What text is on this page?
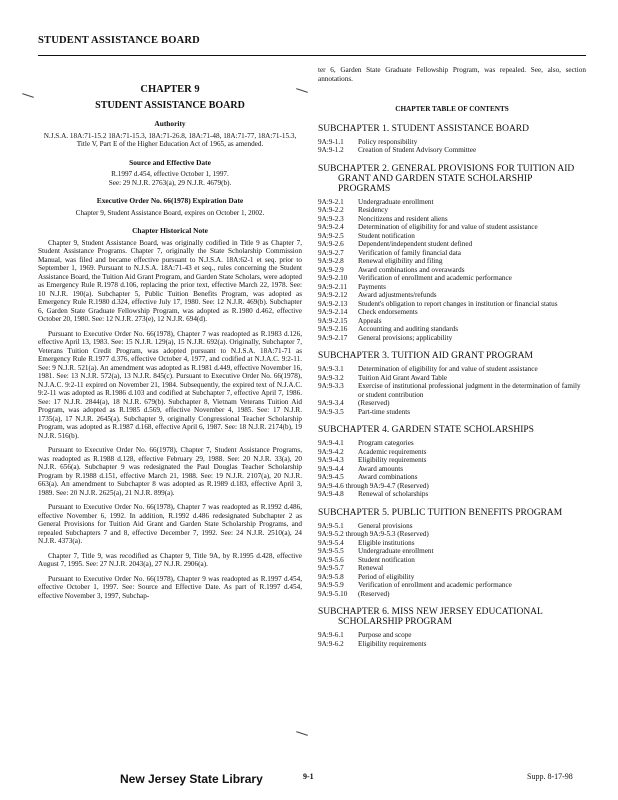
STUDENT ASSISTANCE BOARD
CHAPTER 9
STUDENT ASSISTANCE BOARD
Authority
N.J.S.A. 18A:71-15.2 18A:71-15.3, 18A:71-26.8, 18A:71-48, 18A:71-77, 18A:71-15.3, Title V, Part E of the Higher Education Act of 1965, as amended.
Source and Effective Date
R.1997 d.454, effective October 1, 1997.
See: 29 N.J.R. 2763(a), 29 N.J.R. 4679(b).
Executive Order No. 66(1978) Expiration Date
Chapter 9, Student Assistance Board, expires on October 1, 2002.
Chapter Historical Note

Chapter 9, Student Assistance Board, was originally codified in Title 9 as Chapter 7, Student Assistance Programs. Chapter 7, originally the State Scholarship Commission Manual, was filed and became effective pursuant to N.J.S.A. 18A:62-1 et seq. prior to September 1, 1969. Pursuant to N.J.S.A. 18A:71-43 et seq., rules concerning the Student Assistance Board, the Tuition Aid Grant Program, and Garden State Scholars, were adopted as Emergency Rule R.1978 d.106, replacing the prior text, effective March 22, 1978. See: 10 N.J.R. 190(a). Subchapter 5, Public Tuition Benefits Program, was adopted as Emergency Rule R.1980 d.324, effective July 17, 1980. See: 12 N.J.R. 469(b). Subchapter 6, Garden State Graduate Fellowship Program, was adopted as R.1980 d.462, effective October 20, 1980. See: 12 N.J.R. 273(e), 12 N.J.R. 694(d).

Pursuant to Executive Order No. 66(1978), Chapter 7 was readopted as R.1983 d.126, effective April 13, 1983. See: 15 N.J.R. 129(a), 15 N.J.R. 692(a). Originally, Subchapter 7, Veterans Tuition Credit Program, was adopted pursuant to N.J.S.A. 18A:71-71 as Emergency Rule R.1977 d.376, effective October 4, 1977, and codified at N.J.A.C. 9:2-11. See: 9 N.J.R. 521(a). An amendment was adopted as R.1981 d.449, effective November 16, 1981. See: 13 N.J.R. 572(a), 13 N.J.R. 845(c). Pursuant to Executive Order No. 66(1978), N.J.A.C. 9:2-11 expired on November 21, 1984. Subsequently, the expired text of N.J.A.C. 9:2-11 was adopted as R.1986 d.103 and codified at Subchapter 7, effective April 7, 1986. See: 17 N.J.R. 2844(a), 18 N.J.R. 679(b). Subchapter 8, Vietnam Veterans Tuition Aid Program, was adopted as R.1985 d.569, effective November 4, 1985. See: 17 N.J.R. 1735(a), 17 N.J.R. 2645(a). Subchapter 9, originally Congressional Teacher Scholarship Program, was adopted as R.1987 d.168, effective April 6, 1987. See: 18 N.J.R. 2174(b), 19 N.J.R. 516(b).

Pursuant to Executive Order No. 66(1978), Chapter 7, Student Assistance Programs, was readopted as R.1988 d.128, effective February 29, 1988. See: 20 N.J.R. 33(a), 20 N.J.R. 656(a). Subchapter 9 was redesignated the Paul Douglas Teacher Scholarship Program by R.1988 d.151, effective March 21, 1988. See: 19 N.J.R. 2107(a), 20 N.J.R. 663(a). An amendment to Subchapter 8 was adopted as R.1989 d.183, effective April 3, 1989. See: 20 N.J.R. 2625(a), 21 N.J.R. 899(a).

Pursuant to Executive Order No. 66(1978), Chapter 7 was readopted as R.1992 d.486, effective November 6, 1992. In addition, R.1992 d.486 redesignated Subchapter 2 as General Provisions for Tuition Aid Grant and Garden State Scholarship Programs, and repealed Subchapters 7 and 8, effective December 7, 1992. See: 24 N.J.R. 2510(a), 24 N.J.R. 4373(a).

Chapter 7, Title 9, was recodified as Chapter 9, Title 9A, by R.1995 d.428, effective August 7, 1995. See: 27 N.J.R. 2043(a), 27 N.J.R. 2906(a).

Pursuant to Executive Order No. 66(1978), Chapter 9 was readopted as R.1997 d.454, effective October 1, 1997. See: Source and Effective Date. As part of R.1997 d.454, effective November 3, 1997, Subchap-

ter 6, Garden State Graduate Fellowship Program, was repealed. See, also, section annotations.

CHAPTER TABLE OF CONTENTS
SUBCHAPTER 1. STUDENT ASSISTANCE BOARD
9A:9-1.1	Policy responsibility
9A:9-1.2	Creation of Student Advisory Committee
SUBCHAPTER 2. GENERAL PROVISIONS FOR TUITION AID GRANT AND GARDEN STATE SCHOLARSHIP PROGRAMS
9A:9-2.1	Undergraduate enrollment
9A:9-2.2	Residency
9A:9-2.3	Noncitizens and resident aliens
9A:9-2.4	Determination of eligibility for and value of student assistance
9A:9-2.5	Student notification
9A:9-2.6	Dependent/independent student defined
9A:9-2.7	Verification of family financial data
9A:9-2.8	Renewal eligibility and filing
9A:9-2.9	Award combinations and overawards
9A:9-2.10	Verification of enrollment and academic performance
9A:9-2.11	Payments
9A:9-2.12	Award adjustments/refunds
9A:9-2.13	Student's obligation to report changes in institution or financial status
9A:9-2.14	Check endorsements
9A:9-2.15	Appeals
9A:9-2.16	Accounting and auditing standards
9A:9-2.17	General provisions; applicability
SUBCHAPTER 3. TUITION AID GRANT PROGRAM
9A:9-3.1	Determination of eligibility for and value of student assistance
9A:9-3.2	Tuition Aid Grant Award Table
9A:9-3.3	Exercise of institutional professional judgment in the determination of family or student contribution
9A:9-3.4	(Reserved)
9A:9-3.5	Part-time students
SUBCHAPTER 4. GARDEN STATE SCHOLARSHIPS
9A:9-4.1	Program categories
9A:9-4.2	Academic requirements
9A:9-4.3	Eligibility requirements
9A:9-4.4	Award amounts
9A:9-4.5	Award combinations
9A:9-4.6 through 9A:9-4.7 (Reserved)
9A:9-4.8	Renewal of scholarships
SUBCHAPTER 5. PUBLIC TUITION BENEFITS PROGRAM
9A:9-5.1	General provisions
9A:9-5.2 through 9A:9-5.3 (Reserved)
9A:9-5.4	Eligible institutions
9A:9-5.5	Undergraduate enrollment
9A:9-5.6	Student notification
9A:9-5.7	Renewal
9A:9-5.8	Period of eligibility
9A:9-5.9	Verification of enrollment and academic performance
9A:9-5.10	(Reserved)
SUBCHAPTER 6. MISS NEW JERSEY EDUCATIONAL SCHOLARSHIP PROGRAM
9A:9-6.1	Purpose and scope
9A:9-6.2	Eligibility requirements
New Jersey State Library	9-1	Supp. 8-17-98
